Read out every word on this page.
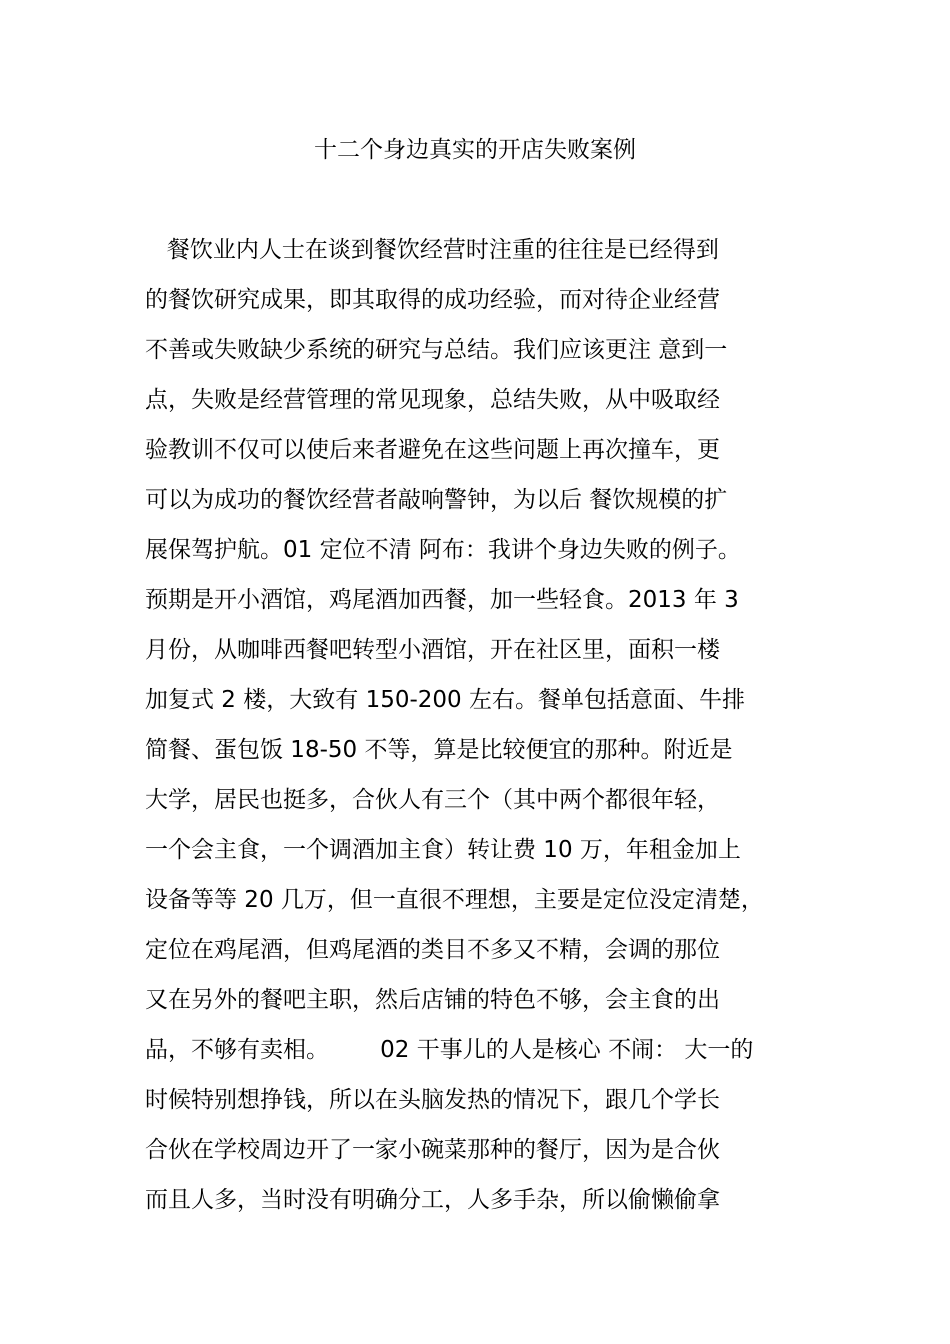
十二个身边真实的开店失败案例
餐饮业内人士在谈到餐饮经营时注重的往往是已经得到
的餐饮研究成果，即其取得的成功经验，而对待企业经营
不善或失败缺少系统的研究与总结。我们应该更注 意到一
点，失败是经营管理的常见现象，总结失败，从中吸取经
验教训不仅可以使后来者避免在这些问题上再次撞车，更
可以为成功的餐饮经营者敲响警钟，为以后 餐饮规模的扩
展保驾护航。01 定位不清 阿布：我讲个身边失败的例子。
预期是开小酒馆，鸡尾酒加西餐，加一些轻食。2013 年 3
月份，从咖啡西餐吧转型小酒馆，开在社区里，面积一楼
加复式 2 楼，大致有 150-200 左右。餐单包括意面、牛排
简餐、蛋包饭 18-50 不等，算是比较便宜的那种。附近是
大学，居民也挺多，合伙人有三个（其中两个都很年轻，
一个会主食，一个调酒加主食）转让费 10 万，年租金加上
设备等等 20 几万，但一直很不理想，主要是定位没定清楚，
定位在鸡尾酒，但鸡尾酒的类目不多又不精，会调的那位
又在另外的餐吧主职，然后店铺的特色不够，会主食的出
品，不够有卖相。       02 干事儿的人是核心 不闹： 大一的
时候特别想挣钱，所以在头脑发热的情况下，跟几个学长
合伙在学校周边开了一家小碗菜那种的餐厅，因为是合伙
而且人多，当时没有明确分工，人多手杂，所以偷懒偷拿
